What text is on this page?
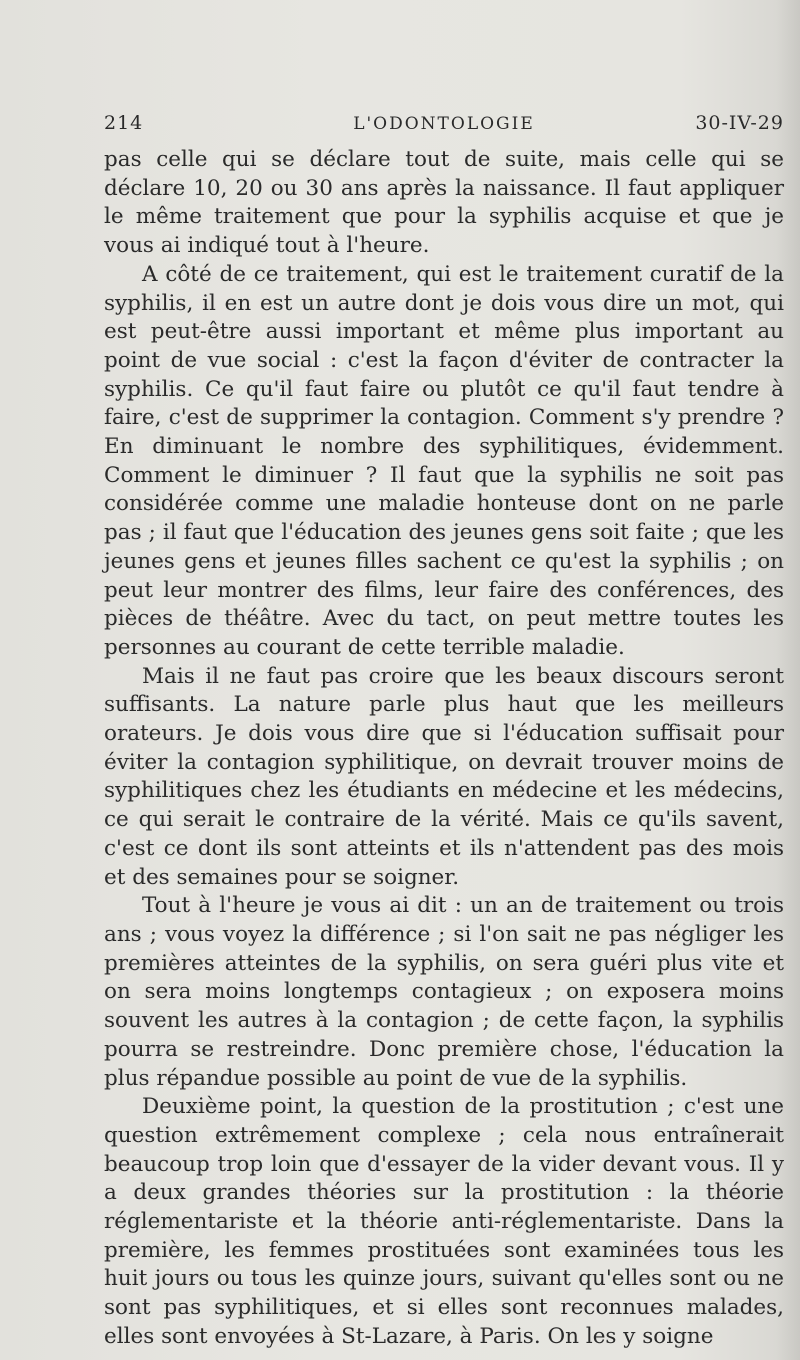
214	L'ODONTOLOGIE	30-IV-29

pas celle qui se déclare tout de suite, mais celle qui se déclare 10, 20 ou 30 ans après la naissance. Il faut appliquer le même traitement que pour la syphilis acquise et que je vous ai indiqué tout à l'heure.

A côté de ce traitement, qui est le traitement curatif de la syphilis, il en est un autre dont je dois vous dire un mot, qui est peut-être aussi important et même plus important au point de vue social : c'est la façon d'éviter de contracter la syphilis. Ce qu'il faut faire ou plutôt ce qu'il faut tendre à faire, c'est de supprimer la contagion. Comment s'y prendre ? En diminuant le nombre des syphilitiques, évidemment. Comment le diminuer ? Il faut que la syphilis ne soit pas considérée comme une maladie honteuse dont on ne parle pas ; il faut que l'éducation des jeunes gens soit faite ; que les jeunes gens et jeunes filles sachent ce qu'est la syphilis ; on peut leur montrer des films, leur faire des conférences, des pièces de théâtre. Avec du tact, on peut mettre toutes les personnes au courant de cette terrible maladie.

Mais il ne faut pas croire que les beaux discours seront suffisants. La nature parle plus haut que les meilleurs orateurs. Je dois vous dire que si l'éducation suffisait pour éviter la contagion syphilitique, on devrait trouver moins de syphilitiques chez les étudiants en médecine et les médecins, ce qui serait le contraire de la vérité. Mais ce qu'ils savent, c'est ce dont ils sont atteints et ils n'attendent pas des mois et des semaines pour se soigner.

Tout à l'heure je vous ai dit : un an de traitement ou trois ans ; vous voyez la différence ; si l'on sait ne pas négliger les premières atteintes de la syphilis, on sera guéri plus vite et on sera moins longtemps contagieux ; on exposera moins souvent les autres à la contagion ; de cette façon, la syphilis pourra se restreindre. Donc première chose, l'éducation la plus répandue possible au point de vue de la syphilis.

Deuxième point, la question de la prostitution ; c'est une question extrêmement complexe ; cela nous entraînerait beaucoup trop loin que d'essayer de la vider devant vous. Il y a deux grandes théories sur la prostitution : la théorie réglementariste et la théorie anti-réglementariste. Dans la première, les femmes prostituées sont examinées tous les huit jours ou tous les quinze jours, suivant qu'elles sont ou ne sont pas syphilitiques, et si elles sont reconnues malades, elles sont envoyées à St-Lazare, à Paris. On les y soigne
